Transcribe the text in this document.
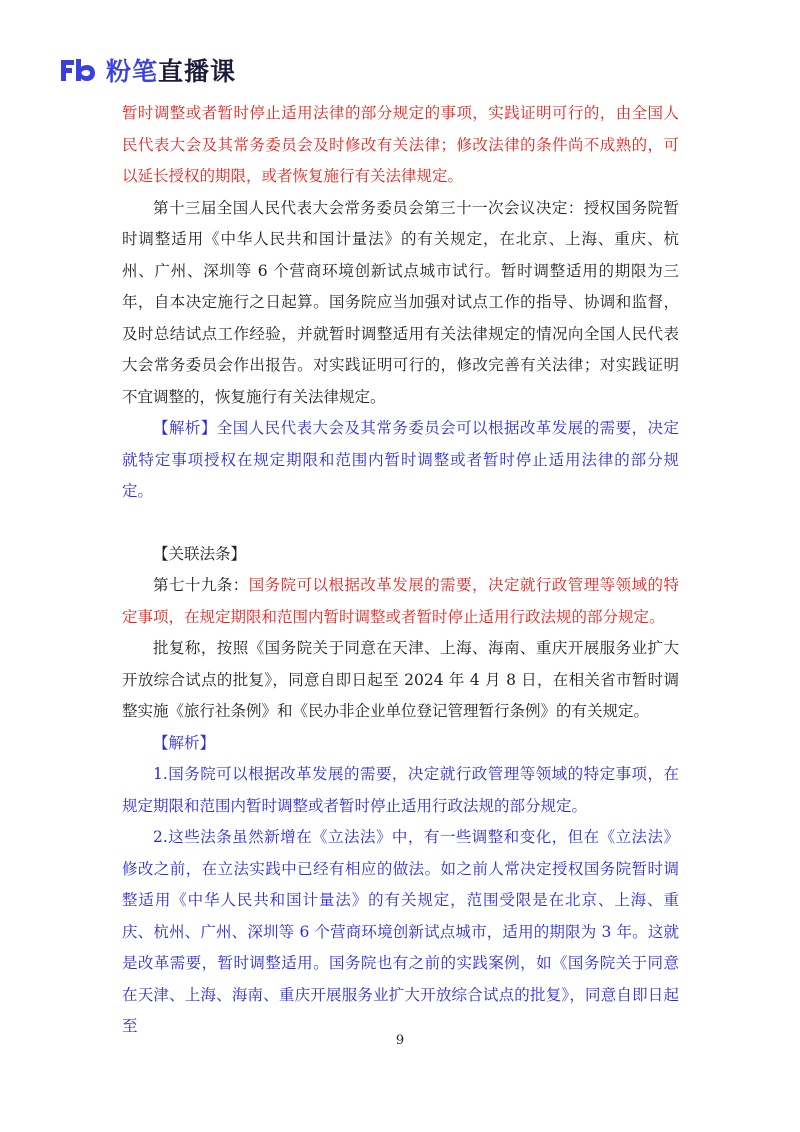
粉笔直播课

暂时调整或者暂时停止适用法律的部分规定的事项，实践证明可行的，由全国人民代表大会及其常务委员会及时修改有关法律；修改法律的条件尚不成熟的，可以延长授权的期限，或者恢复施行有关法律规定。

第十三届全国人民代表大会常务委员会第三十一次会议决定：授权国务院暂时调整适用《中华人民共和国计量法》的有关规定，在北京、上海、重庆、杭州、广州、深圳等 6 个营商环境创新试点城市试行。暂时调整适用的期限为三年，自本决定施行之日起算。国务院应当加强对试点工作的指导、协调和监督，及时总结试点工作经验，并就暂时调整适用有关法律规定的情况向全国人民代表大会常务委员会作出报告。对实践证明可行的，修改完善有关法律；对实践证明不宜调整的，恢复施行有关法律规定。

【解析】全国人民代表大会及其常务委员会可以根据改革发展的需要，决定就特定事项授权在规定期限和范围内暂时调整或者暂时停止适用法律的部分规定。

【关联法条】

第七十九条：国务院可以根据改革发展的需要，决定就行政管理等领域的特定事项，在规定期限和范围内暂时调整或者暂时停止适用行政法规的部分规定。

批复称，按照《国务院关于同意在天津、上海、海南、重庆开展服务业扩大开放综合试点的批复》，同意自即日起至 2024 年 4 月 8 日，在相关省市暂时调整实施《旅行社条例》和《民办非企业单位登记管理暂行条例》的有关规定。

【解析】

1.国务院可以根据改革发展的需要，决定就行政管理等领域的特定事项，在规定期限和范围内暂时调整或者暂时停止适用行政法规的部分规定。

2.这些法条虽然新增在《立法法》中，有一些调整和变化，但在《立法法》修改之前，在立法实践中已经有相应的做法。如之前人常决定授权国务院暂时调整适用《中华人民共和国计量法》的有关规定，范围受限是在北京、上海、重庆、杭州、广州、深圳等 6 个营商环境创新试点城市，适用的期限为 3 年。这就是改革需要，暂时调整适用。国务院也有之前的实践案例，如《国务院关于同意在天津、上海、海南、重庆开展服务业扩大开放综合试点的批复》，同意自即日起至

9
